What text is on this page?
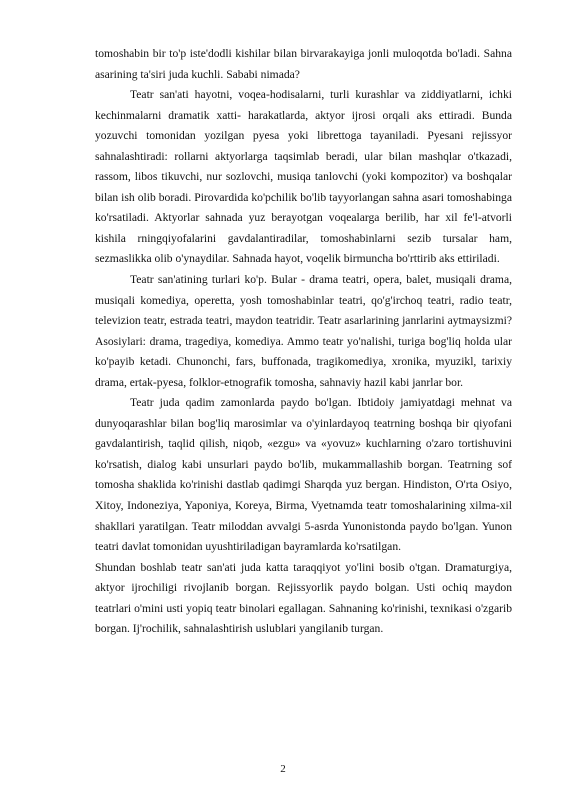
tomoshabin bir to'p iste'dodli kishilar bilan birvarakayiga jonli muloqotda bo'ladi. Sahna asarining ta'siri juda kuchli. Sababi nimada?

Teatr san'ati hayotni, voqea-hodisalarni, turli kurashlar va ziddiyatlarni, ichki kechinmalarni dramatik xatti- harakatlarda, aktyor ijrosi orqali aks ettiradi. Bunda yozuvchi tomonidan yozilgan pyesa yoki librettoga tayaniladi. Pyesani rejissyor sahnalashtiradi: rollarni aktyorlarga taqsimlab beradi, ular bilan mashqlar o'tkazadi, rassom, libos tikuvchi, nur sozlovchi, musiqa tanlovchi (yoki kompozitor) va boshqalar bilan ish olib boradi. Pirovardida ko'pchilik bo'lib tayyorlangan sahna asari tomoshabinga ko'rsatiladi. Aktyorlar sahnada yuz berayotgan voqealarga berilib, har xil fe'l-atvorli kishila rningqiyofalarini gavdalantiradilar, tomoshabinlarni sezib tursalar ham, sezmaslikka olib o'ynaydilar. Sahnada hayot, voqelik birmuncha bo'rttirib aks ettiriladi.

Teatr san'atining turlari ko'p. Bular - drama teatri, opera, balet, musiqali drama, musiqali komediya, operetta, yosh tomoshabinlar teatri, qo'g'irchoq teatri, radio teatr, televizion teatr, estrada teatri, maydon teatridir. Teatr asarlarining janrlarini aytmaysizmi? Asosiylari: drama, tragediya, komediya. Ammo teatr yo'nalishi, turiga bog'liq holda ular ko'payib ketadi. Chunonchi, fars, buffonada, tragikomediya, xronika, myuzikl, tarixiy drama, ertak-pyesa, folklor-etnografik tomosha, sahnaviy hazil kabi janrlar bor.

Teatr juda qadim zamonlarda paydo bo'lgan. Ibtidoiy jamiyatdagi mehnat va dunyoqarashlar bilan bog'liq marosimlar va o'yinlardayoq teatrning boshqa bir qiyofani gavdalantirish, taqlid qilish, niqob, «ezgu» va «yovuz» kuchlarning o'zaro tortishuvini ko'rsatish, dialog kabi unsurlari paydo bo'lib, mukammallashib borgan. Teatrning sof tomosha shaklida ko'rinishi dastlab qadimgi Sharqda yuz bergan. Hindiston, O'rta Osiyo, Xitoy, Indoneziya, Yaponiya, Koreya, Birma, Vyetnamda teatr tomoshalarining xilma-xil shakllari yaratilgan. Teatr miloddan avvalgi 5-asrda Yunonistonda paydo bo'lgan. Yunon teatri davlat tomonidan uyushtiriladigan bayramlarda ko'rsatilgan.

Shundan boshlab teatr san'ati juda katta taraqqiyot yo'lini bosib o'tgan. Dramaturgiya, aktyor ijrochiligi rivojlanib borgan. Rejissyorlik paydo bolgan. Usti ochiq maydon teatrlari o'mini usti yopiq teatr binolari egallagan. Sahnaning ko'rinishi, texnikasi o'zgarib borgan. Ij'rochilik, sahnalashtirish uslublari yangilanib turgan.

2
